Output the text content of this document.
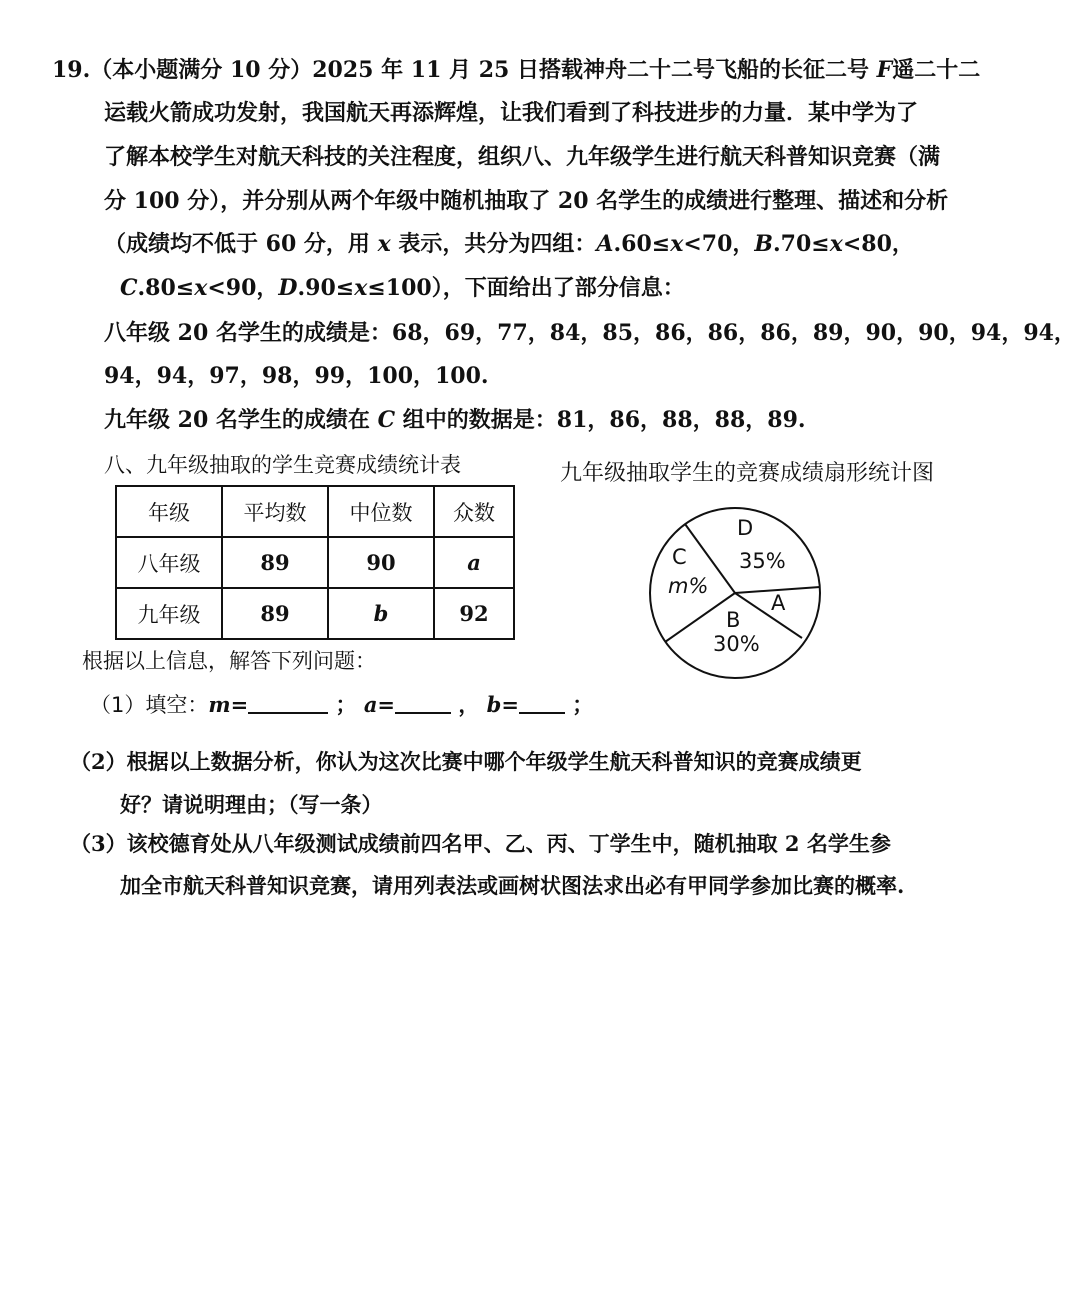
19.（本小题满分 10 分）2025 年 11 月 25 日搭载神舟二十二号飞船的长征二号 F遥二十二
运载火箭成功发射，我国航天再添辉煌，让我们看到了科技进步的力量．某中学为了
了解本校学生对航天科技的关注程度，组织八、九年级学生进行航天科普知识竞赛（满
分 100 分），并分别从两个年级中随机抽取了 20 名学生的成绩进行整理、描述和分析
（成绩均不低于 60 分，用 x 表示，共分为四组：A.60≤x<70，B.70≤x<80，
C.80≤x<90，D.90≤x≤100），下面给出了部分信息：
八年级 20 名学生的成绩是：68，69，77，84，85，86，86，86，89，90，90，94，94，
94，94，97，98，99，100，100.
九年级 20 名学生的成绩在 C 组中的数据是：81，86，88，88，89.
八、九年级抽取的学生竞赛成绩统计表
年级	平均数	中位数	众数
八年级	89	90	a
九年级	89	b	92
九年级抽取学生的竞赛成绩扇形统计图
D
35%
C
m%
A
B
30%
根据以上信息，解答下列问题：
（1）填空：m=	； a=	， b=	；
（2）根据以上数据分析，你认为这次比赛中哪个年级学生航天科普知识的竞赛成绩更
好？请说明理由；（写一条）
（3）该校德育处从八年级测试成绩前四名甲、乙、丙、丁学生中，随机抽取 2 名学生参
加全市航天科普知识竞赛，请用列表法或画树状图法求出必有甲同学参加比赛的概率.
